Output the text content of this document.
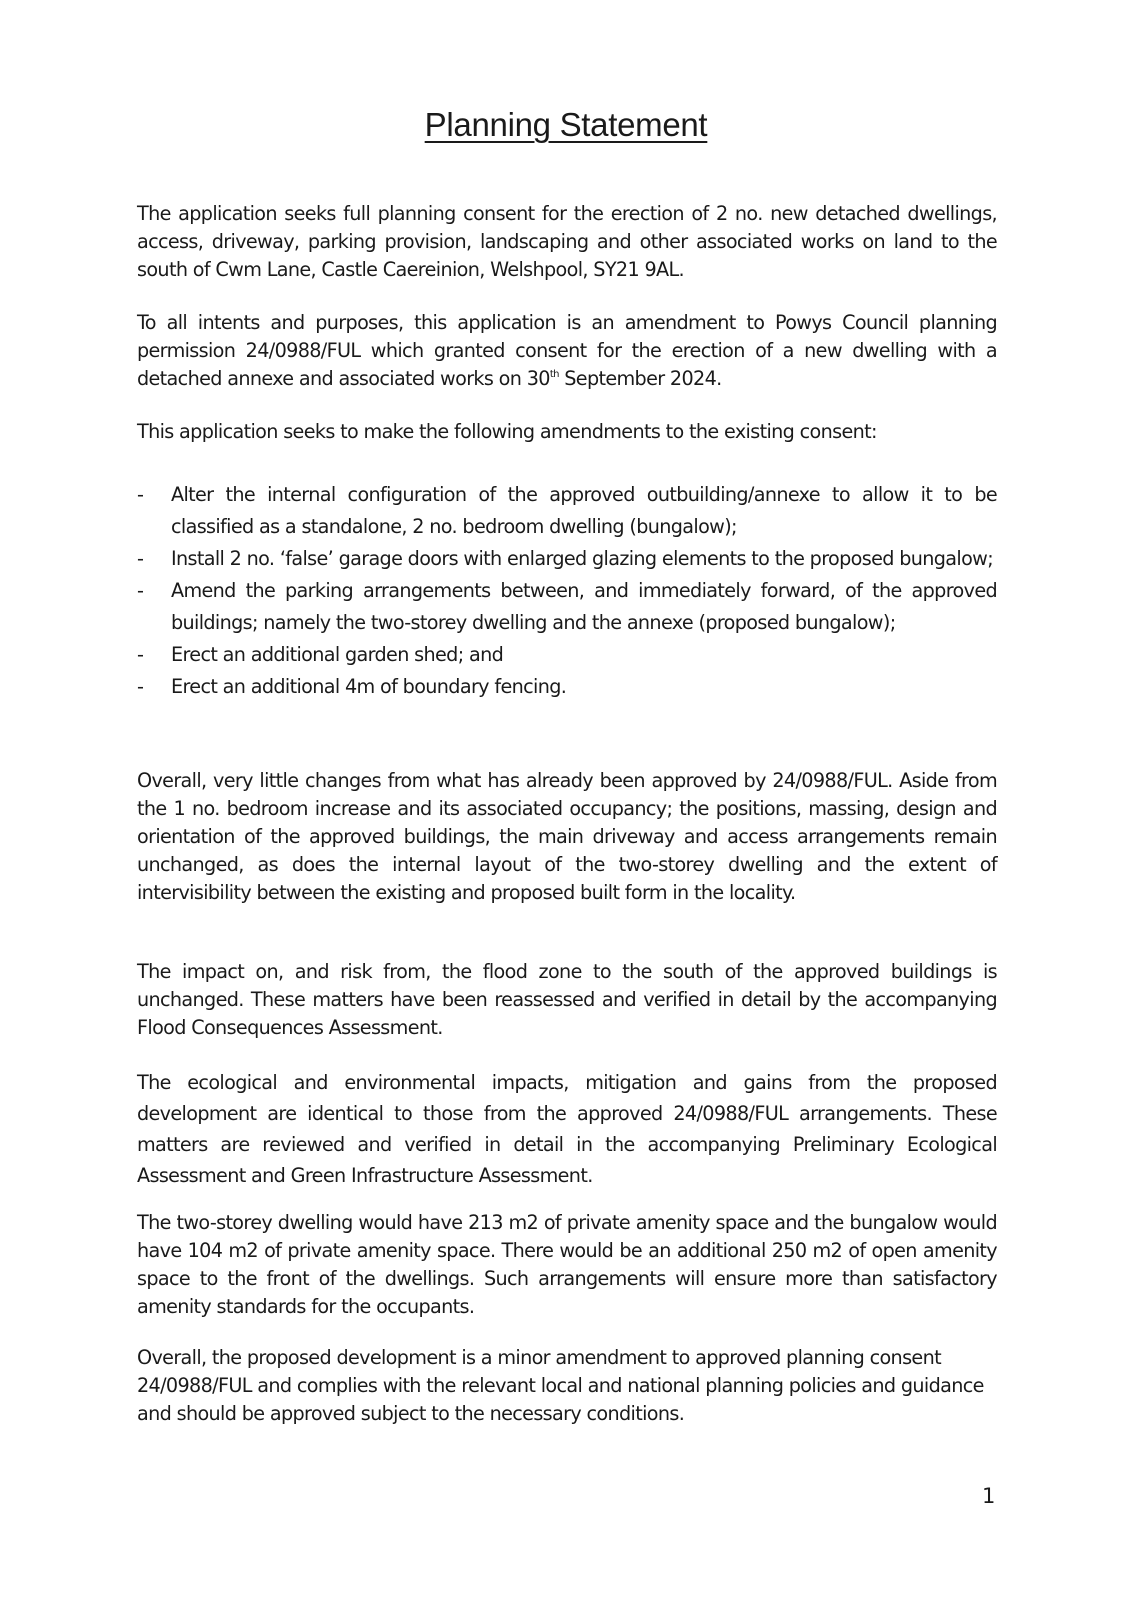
Planning Statement

The application seeks full planning consent for the erection of 2 no. new detached dwellings, access, driveway, parking provision, landscaping and other associated works on land to the south of Cwm Lane, Castle Caereinion, Welshpool, SY21 9AL.

To all intents and purposes, this application is an amendment to Powys Council planning permission 24/0988/FUL which granted consent for the erection of a new dwelling with a detached annexe and associated works on 30th September 2024.

This application seeks to make the following amendments to the existing consent:

- Alter the internal configuration of the approved outbuilding/annexe to allow it to be classified as a standalone, 2 no. bedroom dwelling (bungalow);
- Install 2 no. ‘false’ garage doors with enlarged glazing elements to the proposed bungalow;
- Amend the parking arrangements between, and immediately forward, of the approved buildings; namely the two-storey dwelling and the annexe (proposed bungalow);
- Erect an additional garden shed; and
- Erect an additional 4m of boundary fencing.

Overall, very little changes from what has already been approved by 24/0988/FUL. Aside from the 1 no. bedroom increase and its associated occupancy; the positions, massing, design and orientation of the approved buildings, the main driveway and access arrangements remain unchanged, as does the internal layout of the two-storey dwelling and the extent of intervisibility between the existing and proposed built form in the locality.

The impact on, and risk from, the flood zone to the south of the approved buildings is unchanged. These matters have been reassessed and verified in detail by the accompanying Flood Consequences Assessment.

The ecological and environmental impacts, mitigation and gains from the proposed development are identical to those from the approved 24/0988/FUL arrangements. These matters are reviewed and verified in detail in the accompanying Preliminary Ecological Assessment and Green Infrastructure Assessment.

The two-storey dwelling would have 213 m2 of private amenity space and the bungalow would have 104 m2 of private amenity space. There would be an additional 250 m2 of open amenity space to the front of the dwellings. Such arrangements will ensure more than satisfactory amenity standards for the occupants.

Overall, the proposed development is a minor amendment to approved planning consent 24/0988/FUL and complies with the relevant local and national planning policies and guidance and should be approved subject to the necessary conditions.

1
